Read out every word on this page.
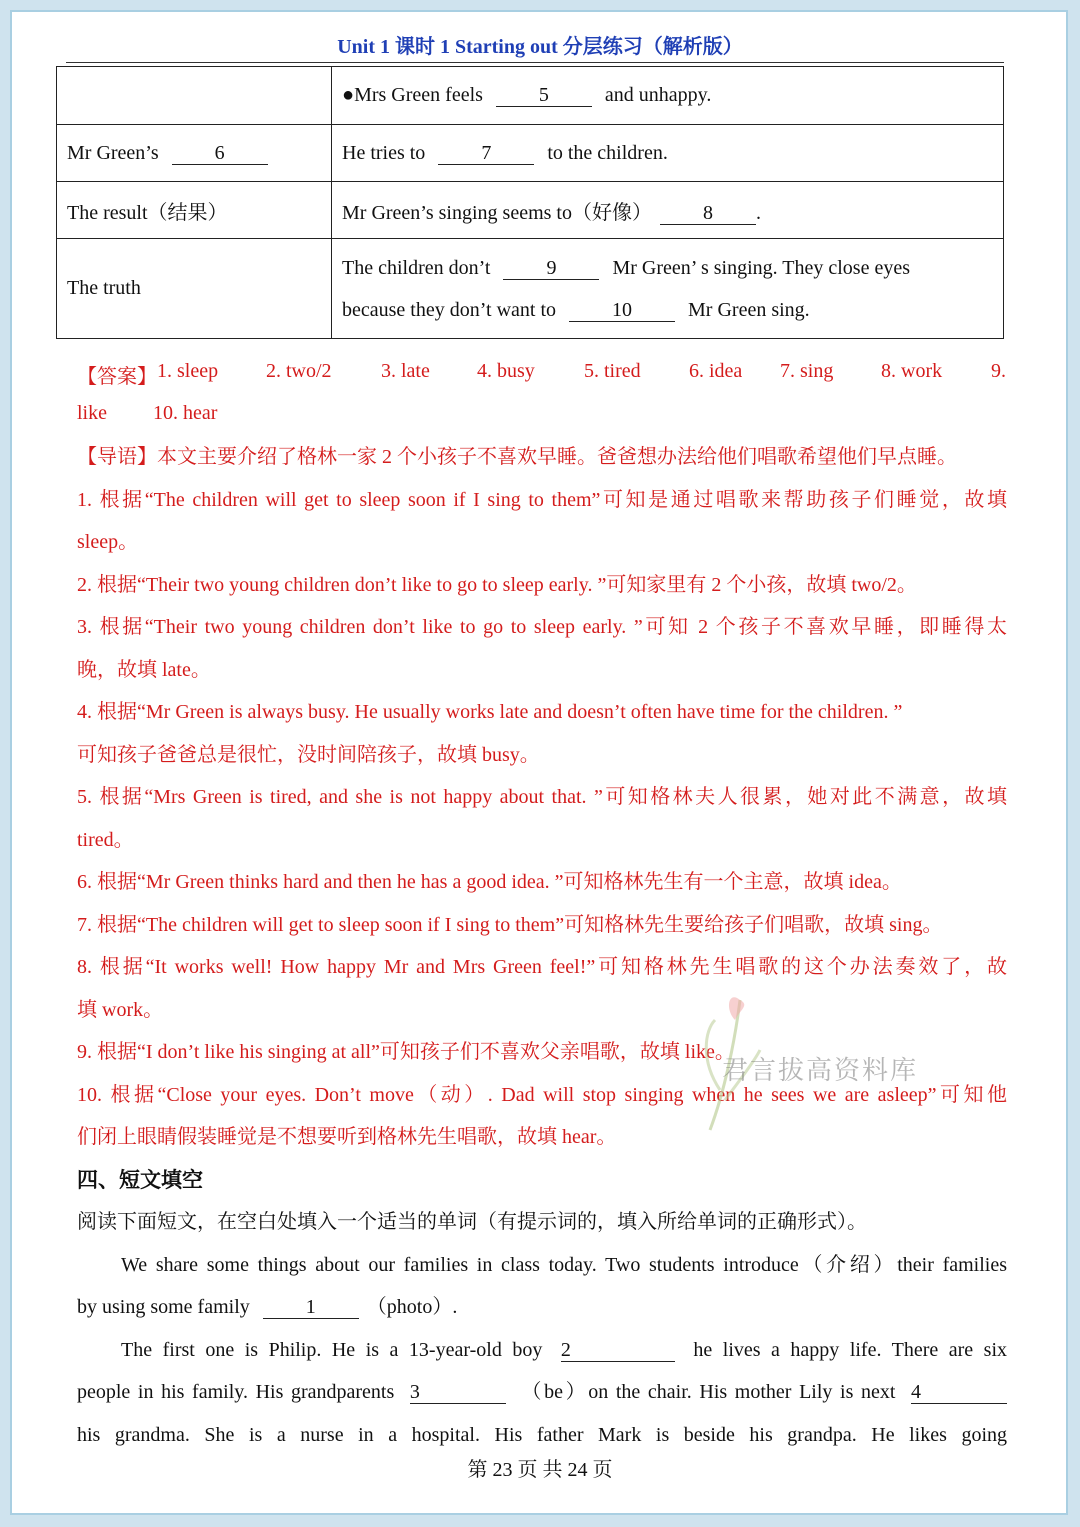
Unit 1 课时 1 Starting out 分层练习（解析版）
	●Mrs Green feels 5 and unhappy.
Mr Green’s 6	He tries to 7 to the children.
The result（结果）	Mr Green’s singing seems to（好像） 8 .
The truth	The children don’t 9 Mr Green’ s singing. They close eyes
because they don’t want to 10 Mr Green sing.
【答案】 1. sleep 2. two/2 3. late 4. busy 5. tired 6. idea 7. sing 8. work 9.
like 10. hear
【导语】本文主要介绍了格林一家 2 个小孩子不喜欢早睡。爸爸想办法给他们唱歌希望他们早点睡。
1. 根据“The children will get to sleep soon if I sing to them”可知是通过唱歌来帮助孩子们睡觉，故填
sleep。
2. 根据“Their two young children don’t like to go to sleep early. ”可知家里有 2 个小孩，故填 two/2。
3. 根据“Their two young children don’t like to go to sleep early. ”可知 2 个孩子不喜欢早睡，即睡得太
晚，故填 late。
4. 根据“Mr Green is always busy. He usually works late and doesn’t often have time for the children. ”
可知孩子爸爸总是很忙，没时间陪孩子，故填 busy。
5. 根据“Mrs Green is tired, and she is not happy about that. ”可知格林夫人很累，她对此不满意，故填
tired。
6. 根据“Mr Green thinks hard and then he has a good idea. ”可知格林先生有一个主意，故填 idea。
7. 根据“The children will get to sleep soon if I sing to them”可知格林先生要给孩子们唱歌，故填 sing。
8. 根据“It works well! How happy Mr and Mrs Green feel!”可知格林先生唱歌的这个办法奏效了，故
填 work。
9. 根据“I don’t like his singing at all”可知孩子们不喜欢父亲唱歌，故填 like。
10. 根据“Close your eyes. Don’t move（动）. Dad will stop singing when he sees we are asleep”可知他
们闭上眼睛假装睡觉是不想要听到格林先生唱歌，故填 hear。
四、短文填空
阅读下面短文，在空白处填入一个适当的单词（有提示词的，填入所给单词的正确形式）。
We share some things about our families in class today. Two students introduce（介绍）their families
by using some family	1	（photo）.
The first one is Philip. He is a 13-year-old boy 2	he lives a happy life. There are six
people in his family. His grandparents 3	（be）on the chair. His mother Lily is next 4
his grandma. She is a nurse in a hospital. His father Mark is beside his grandpa. He likes going
君言拔高资料库
第 23 页 共 24 页
